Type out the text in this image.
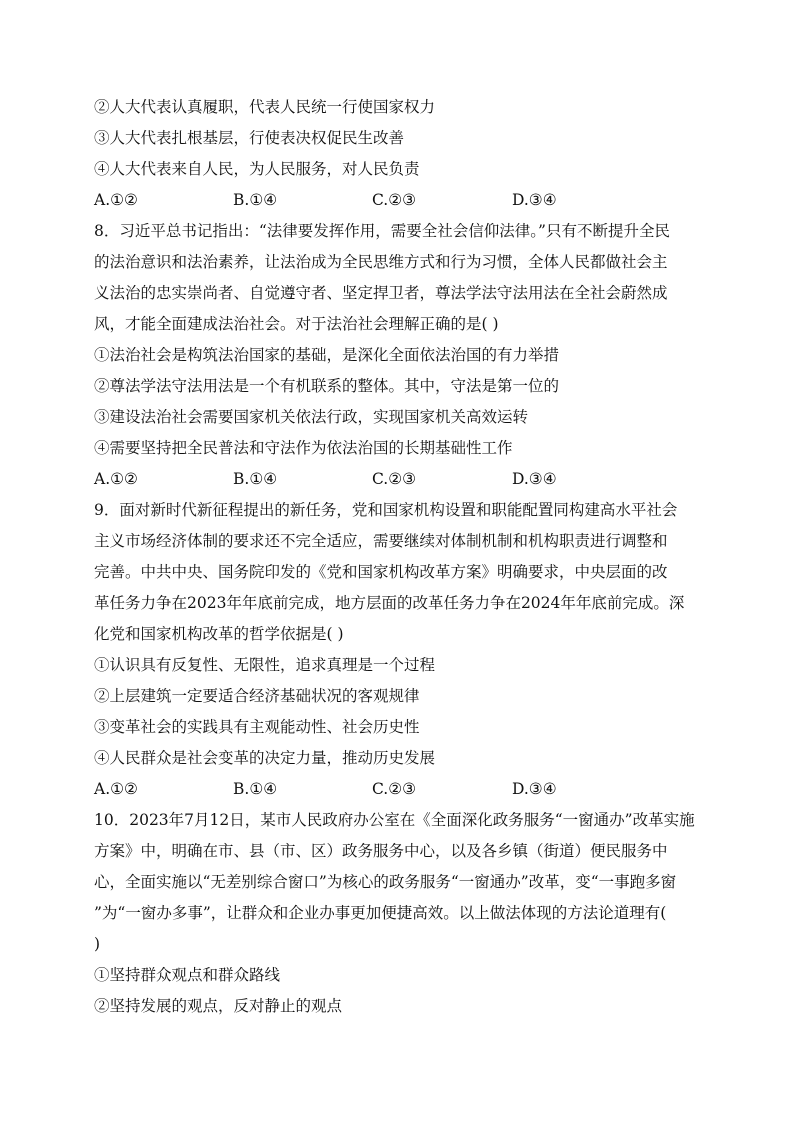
②人大代表认真履职，代表人民统一行使国家权力
③人大代表扎根基层，行使表决权促民生改善
④人大代表来自人民，为人民服务，对人民负责
A.①②	B.①④	C.②③	D.③④
8．习近平总书记指出：“法律要发挥作用，需要全社会信仰法律。”只有不断提升全民
的法治意识和法治素养，让法治成为全民思维方式和行为习惯，全体人民都做社会主
义法治的忠实崇尚者、自觉遵守者、坚定捍卫者，尊法学法守法用法在全社会蔚然成
风，才能全面建成法治社会。对于法治社会理解正确的是( )
①法治社会是构筑法治国家的基础，是深化全面依法治国的有力举措
②尊法学法守法用法是一个有机联系的整体。其中，守法是第一位的
③建设法治社会需要国家机关依法行政，实现国家机关高效运转
④需要坚持把全民普法和守法作为依法治国的长期基础性工作
A.①②	B.①④	C.②③	D.③④
9．面对新时代新征程提出的新任务，党和国家机构设置和职能配置同构建高水平社会
主义市场经济体制的要求还不完全适应，需要继续对体制机制和机构职责进行调整和
完善。中共中央、国务院印发的《党和国家机构改革方案》明确要求，中央层面的改
革任务力争在2023年年底前完成，地方层面的改革任务力争在2024年年底前完成。深
化党和国家机构改革的哲学依据是( )
①认识具有反复性、无限性，追求真理是一个过程
②上层建筑一定要适合经济基础状况的客观规律
③变革社会的实践具有主观能动性、社会历史性
④人民群众是社会变革的决定力量，推动历史发展
A.①②	B.①④	C.②③	D.③④
10．2023年7月12日，某市人民政府办公室在《全面深化政务服务“一窗通办”改革实施
方案》中，明确在市、县（市、区）政务服务中心，以及各乡镇（街道）便民服务中
心，全面实施以“无差别综合窗口”为核心的政务服务“一窗通办”改革，变“一事跑多窗
”为“一窗办多事”，让群众和企业办事更加便捷高效。以上做法体现的方法论道理有(
)
①坚持群众观点和群众路线
②坚持发展的观点，反对静止的观点
